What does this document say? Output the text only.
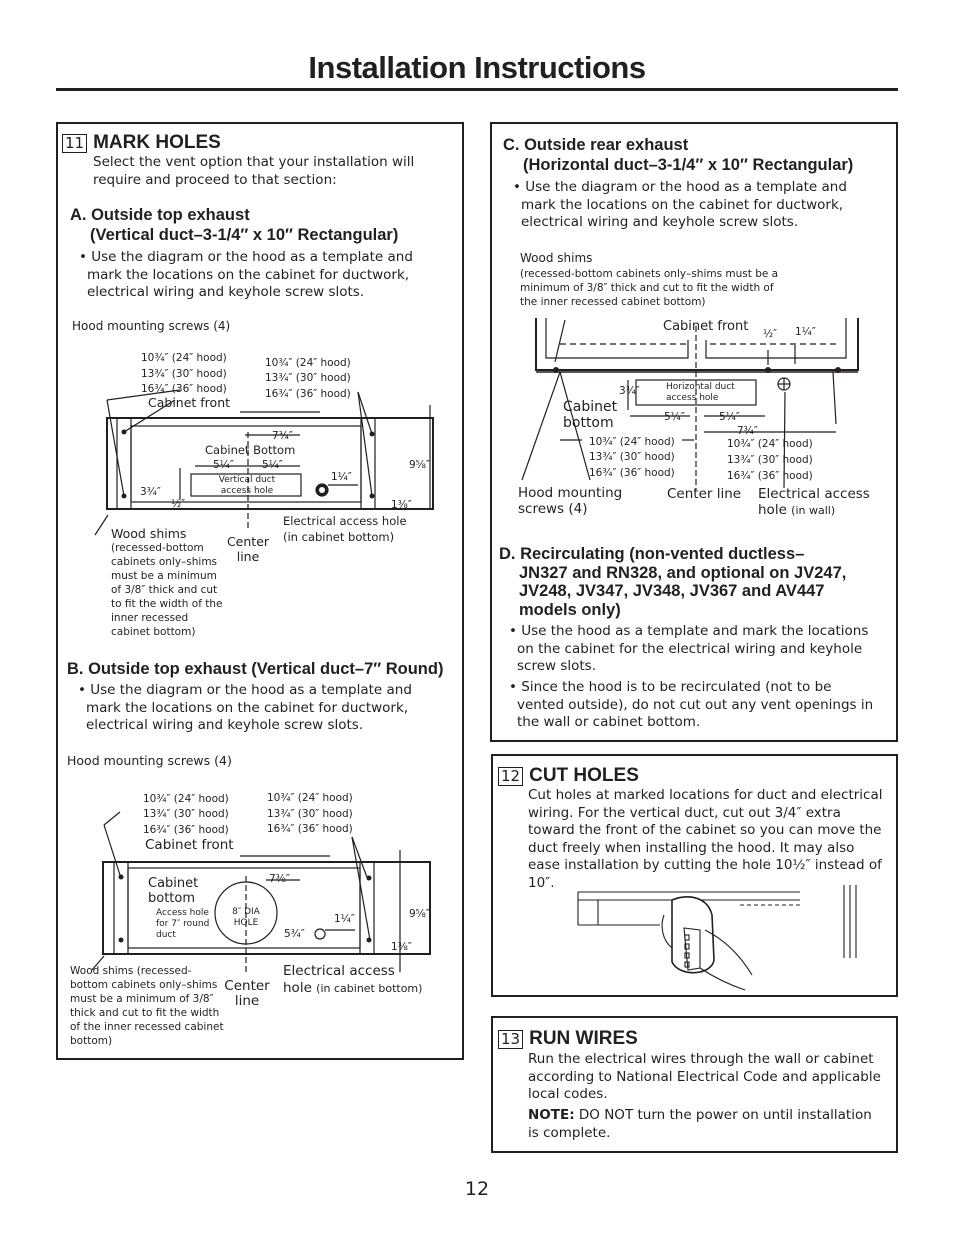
Installation Instructions
11 MARK HOLES
Select the vent option that your installation will require and proceed to that section:
A. Outside top exhaust
(Vertical duct–3-1/4″ x 10″ Rectangular)
• Use the diagram or the hood as a template and mark the locations on the cabinet for ductwork, electrical wiring and keyhole screw slots.
Hood mounting screws (4)
10¾″ (24″ hood)
13¾″ (30″ hood)
16¾″ (36″ hood)
10¾″ (24″ hood)
13¾″ (30″ hood)
16¾″ (36″ hood)
Cabinet front
Cabinet Bottom
7¾″
5¼″	5¼″
1¼″
9⅝″
3¾″
½″	1⅜″
Vertical duct access hole
Wood shims
(recessed-bottom cabinets only–shims must be a minimum of 3/8″ thick and cut to fit the width of the inner recessed cabinet bottom)
Center line
Electrical access hole
(in cabinet bottom)
B. Outside top exhaust (Vertical duct–7″ Round)
• Use the diagram or the hood as a template and mark the locations on the cabinet for ductwork, electrical wiring and keyhole screw slots.
Hood mounting screws (4)
10¾″ (24″ hood)
13¾″ (30″ hood)
16¾″ (36″ hood)
10¾″ (24″ hood)
13¾″ (30″ hood)
16¾″ (36″ hood)
Cabinet front
Cabinet bottom
Access hole for 7″ round duct
8″ DIA HOLE
7⅜″
5¾″
1¼″	9⅝″
1⅜″
Wood shims (recessed-bottom cabinets only–shims must be a minimum of 3/8″ thick and cut to fit the width of the inner recessed cabinet bottom)
Center line
Electrical access hole (in cabinet bottom)
C. Outside rear exhaust
(Horizontal duct–3-1/4″ x 10″ Rectangular)
• Use the diagram or the hood as a template and mark the locations on the cabinet for ductwork, electrical wiring and keyhole screw slots.
Wood shims
(recessed-bottom cabinets only–shims must be a minimum of 3/8″ thick and cut to fit the width of the inner recessed cabinet bottom)
Cabinet front ½″ 1¼″
3¾″	Horizontal duct access hole
5¼″	5¼″
7¾″
Cabinet bottom
10¾″ (24″ hood)
13¾″ (30″ hood)
16¾″ (36″ hood)
10¾″ (24″ hood)
13¾″ (30″ hood)
16¾″ (36″ hood)
Hood mounting screws (4)
Center line Electrical access hole (in wall)
D. Recirculating (non-vented ductless–
JN327 and RN328, and optional on JV247,
JV248, JV347, JV348, JV367 and AV447
models only)
• Use the hood as a template and mark the locations on the cabinet for the electrical wiring and keyhole screw slots.
• Since the hood is to be recirculated (not to be vented outside), do not cut out any vent openings in the wall or cabinet bottom.
12 CUT HOLES
Cut holes at marked locations for duct and electrical wiring. For the vertical duct, cut out 3/4″ extra toward the front of the cabinet so you can move the duct freely when installing the hood. It may also ease installation by cutting the hole 10½″ instead of 10″.
13 RUN WIRES
Run the electrical wires through the wall or cabinet according to National Electrical Code and applicable local codes.
NOTE: DO NOT turn the power on until installation is complete.
12
